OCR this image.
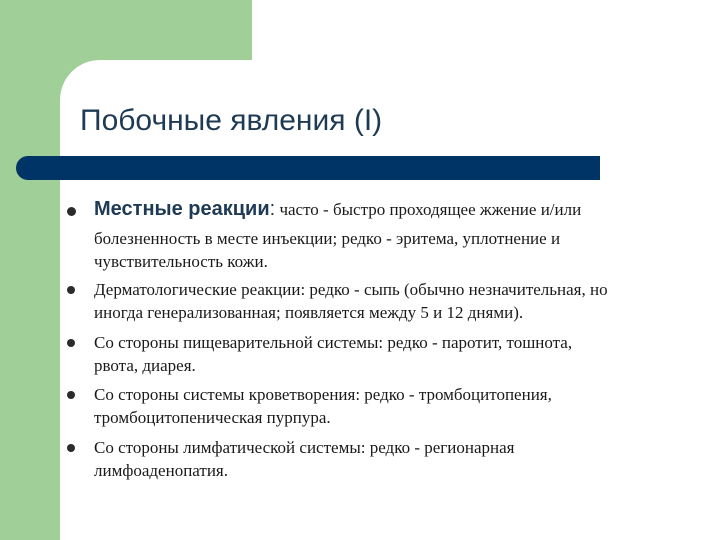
Побочные явления (I)
Местные реакции: часто - быстро проходящее жжение и/или
болезненность в месте инъекции; редко - эритема, уплотнение и
чувствительность кожи.
Дерматологические реакции: редко - сыпь (обычно незначительная, но
иногда генерализованная; появляется между 5 и 12 днями).
Со стороны пищеварительной системы: редко - паротит, тошнота,
рвота, диарея.
Со стороны системы кроветворения: редко - тромбоцитопения,
тромбоцитопеническая пурпура.
Со стороны лимфатической системы: редко - регионарная
лимфоаденопатия.
